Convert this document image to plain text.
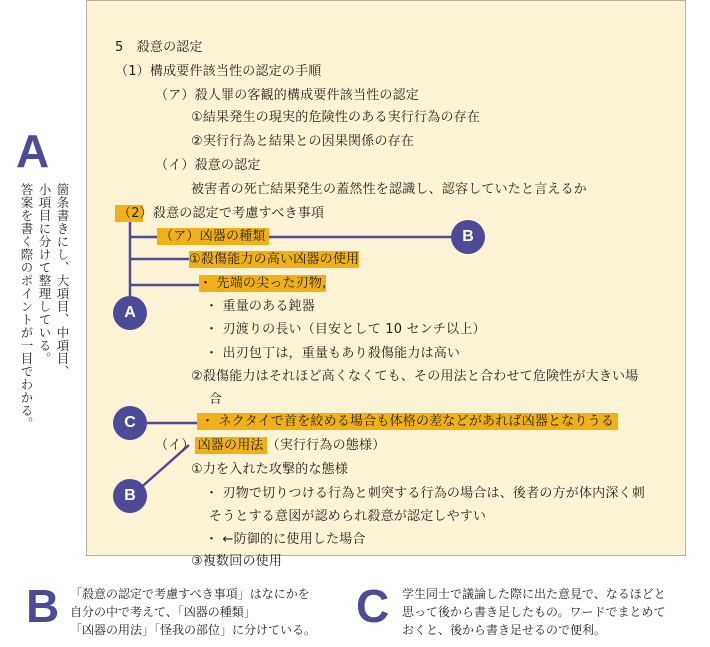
A
箇条書きにし、大項目、中項目、
小項目に分けて整理している。
答案を書く際のポイントが一目でわかる。
5　殺意の認定
（1）構成要件該当性の認定の手順
（ア）殺人罪の客観的構成要件該当性の認定
①結果発生の現実的危険性のある実行行為の存在
②実行行為と結果との因果関係の存在
（イ）殺意の認定
被害者の死亡結果発生の蓋然性を認識し、認容していたと言えるか
（2）殺意の認定で考慮すべき事項
（ア）凶器の種類
①殺傷能力の高い凶器の使用
・ 先端の尖った刃物,
・ 重量のある鈍器
・ 刃渡りの長い（目安として 10 センチ以上）
・ 出刃包丁は，重量もあり殺傷能力は高い
②殺傷能力はそれほど高くなくても、その用法と合わせて危険性が大きい場
合
・ ネクタイで首を絞める場合も体格の差などがあれば凶器となりうる
（イ） 凶器の用法 （実行行為の態様）
①力を入れた攻撃的な態様
・ 刃物で切りつける行為と刺突する行為の場合は、後者の方が体内深く刺
そうとする意図が認められ殺意が認定しやすい
・ ←防御的に使用した場合
③複数回の使用
A
B
C
B
B 「殺意の認定で考慮すべき事項」はなにかを
自分の中で考えて、「凶器の種類」
「凶器の用法」「怪我の部位」に分けている。 C 学生同士で議論した際に出た意見で、なるほどと
思って後から書き足したもの。ワードでまとめて
おくと、後から書き足せるので便利。
